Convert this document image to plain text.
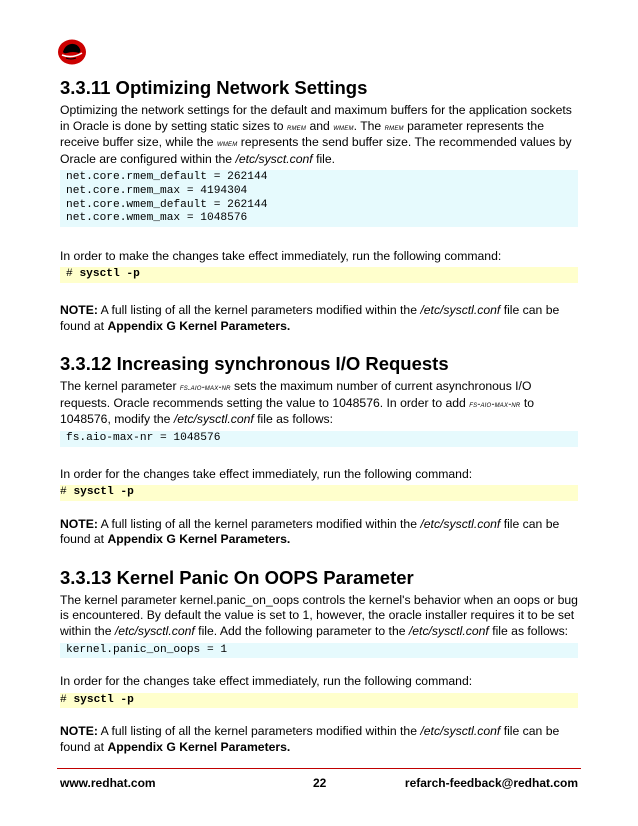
3.3.11 Optimizing Network Settings

Optimizing the network settings for the default and maximum buffers for the application sockets in Oracle is done by setting static sizes to rmem and wmem. The rmem parameter represents the receive buffer size, while the wmem represents the send buffer size. The recommended values by Oracle are configured within the /etc/sysct.conf file.

net.core.rmem_default = 262144
net.core.rmem_max = 4194304
net.core.wmem_default = 262144
net.core.wmem_max = 1048576

In order to make the changes take effect immediately, run the following command:

# sysctl -p

NOTE: A full listing of all the kernel parameters modified within the /etc/sysctl.conf file can be found at Appendix G Kernel Parameters.

3.3.12 Increasing synchronous I/O Requests

The kernel parameter fs.aio-max-nr sets the maximum number of current asynchronous I/O requests. Oracle recommends setting the value to 1048576. In order to add fs-aio-max-nr to 1048576, modify the /etc/sysctl.conf file as follows:

fs.aio-max-nr = 1048576

In order for the changes take effect immediately, run the following command:

# sysctl -p

NOTE: A full listing of all the kernel parameters modified within the /etc/sysctl.conf file can be found at Appendix G Kernel Parameters.

3.3.13 Kernel Panic On OOPS Parameter

The kernel parameter kernel.panic_on_oops controls the kernel's behavior when an oops or bug is encountered. By default the value is set to 1, however, the oracle installer requires it to be set within the /etc/sysctl.conf file. Add the following parameter to the /etc/sysctl.conf file as follows:

kernel.panic_on_oops = 1

In order for the changes take effect immediately, run the following command:

# sysctl -p

NOTE: A full listing of all the kernel parameters modified within the /etc/sysctl.conf file can be found at Appendix G Kernel Parameters.

www.redhat.com	22	refarch-feedback@redhat.com
